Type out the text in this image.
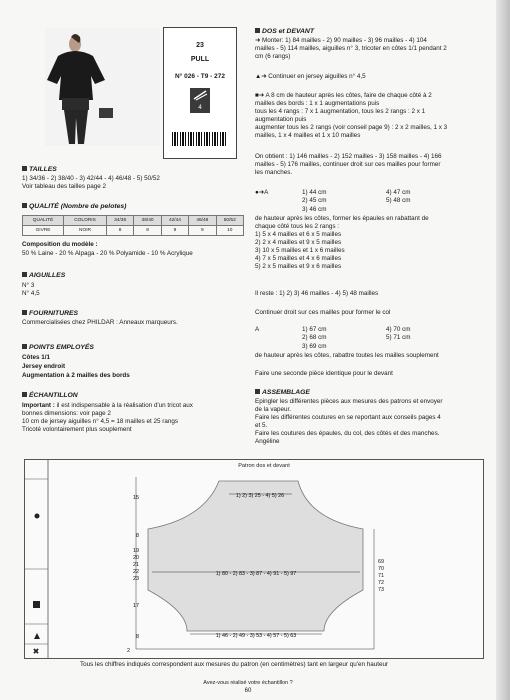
23
PULL
N° 026 - T9 - 272
4
TAILLES
1) 34/36 - 2) 38/40 - 3) 42/44 - 4) 46/48 - 5) 50/52
Voir tableau des tailles page 2
QUALITÉ (Nombre de pelotes)
QUALITÉ	COLORIS	34/36	38/40	42/44	46/48	50/52
GIVRE	NOIR	8	8	9	9	10
Composition du modèle :
50 % Laine - 20 % Alpaga - 20 % Polyamide - 10 % Acrylique
AIGUILLES
N° 3
N° 4,5
FOURNITURES
Commercialisées chez PHILDAR : Anneaux marqueurs.
POINTS EMPLOYÉS
Côtes 1/1
Jersey endroit
Augmentation à 2 mailles des bords
ÉCHANTILLON
Important : il est indispensable à la réalisation d'un tricot aux
bonnes dimensions: voir page 2
10 cm de jersey aiguilles n° 4,5 = 18 mailles et 25 rangs
Tricoté volontairement plus souplement
DOS et DEVANT
➜ Monter: 1) 84 mailles - 2) 90 mailles - 3) 96 mailles - 4) 104
mailles - 5) 114 mailles, aiguilles n° 3, tricoter en côtes 1/1 pendant 2
cm (6 rangs)
▲➜ Continuer en jersey aiguilles n° 4,5
■➜ A 8 cm de hauteur après les côtes, faire de chaque côté à 2
mailles des bords : 1 x 1 augmentations puis
tous les 4 rangs : 7 x 1 augmentation, tous les 2 rangs : 2 x 1
augmentation puis
augmenter tous les 2 rangs (voir conseil page 9) : 2 x 2 mailles, 1 x 3
mailles, 1 x 4 mailles et 1 x 10 mailles
On obtient : 1) 146 mailles - 2) 152 mailles - 3) 158 mailles - 4) 166
mailles - 5) 176 mailles, continuer droit sur ces mailles pour former
les manches.
●➜A	1) 44 cm
2) 45 cm
3) 46 cm
4) 47 cm
5) 48 cm
de hauteur après les côtes, former les épaules en rabattant de
chaque côté tous les 2 rangs :
1) 5 x 4 mailles et 6 x 5 mailles
2) 2 x 4 mailles et 9 x 5 mailles
3) 10 x 5 mailles et 1 x 6 mailles
4) 7 x 5 mailles et 4 x 6 mailles
5) 2 x 5 mailles et 9 x 6 mailles
Il reste : 1) 2) 3) 46 mailles - 4) 5) 48 mailles
Continuer droit sur ces mailles pour former le col
A	1) 67 cm
2) 68 cm
3) 69 cm
4) 70 cm
5) 71 cm
de hauteur après les côtes, rabattre toutes les mailles souplement
Faire une seconde pièce identique pour le devant
ASSEMBLAGE
Epingler les différentes pièces aux mesures des patrons et envoyer
de la vapeur.
Faire les différentes coutures en se reportant aux conseils pages 4
et 5.
Faire les coutures des épaules, du col, des côtés et des manches.
Angéline
✖
Patron dos et devant
1) 2) 3) 25 - 4) 5) 26
1) 80 - 2) 83 - 3) 87 - 4) 91 - 5) 97
1) 46 - 2) 49 - 3) 53 - 4) 57 - 5) 63
15
8
19
20
21
22
23
17
8
2
69
70
71
72
73
Tous les chiffres indiqués correspondent aux mesures du patron (en centimètres) tant en largeur qu'en hauteur
Avez-vous réalisé votre échantillon ?
60
